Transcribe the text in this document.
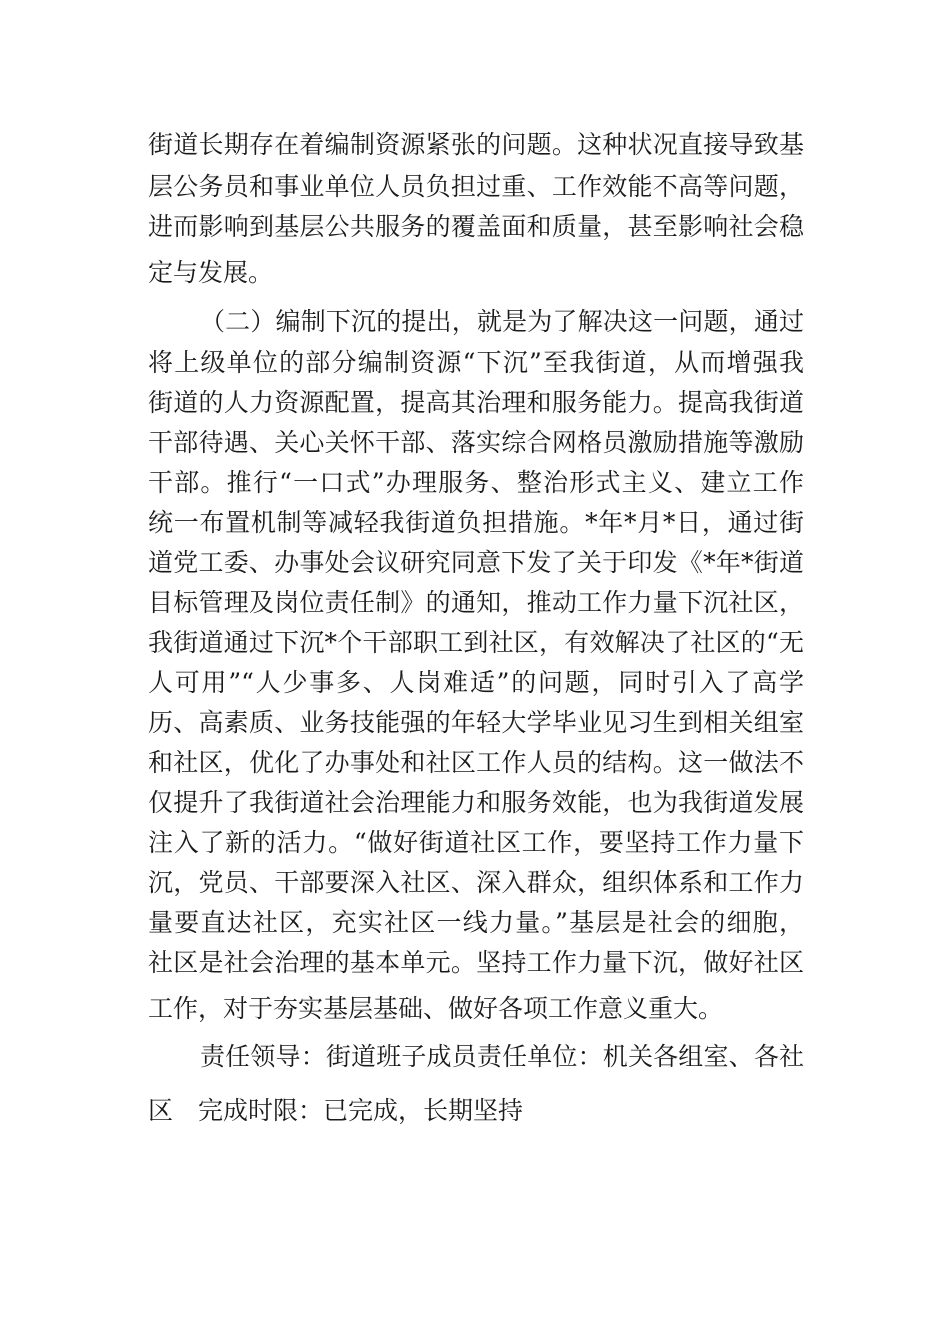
街道长期存在着编制资源紧张的问题。这种状况直接导致基
层公务员和事业单位人员负担过重、工作效能不高等问题，
进而影响到基层公共服务的覆盖面和质量，甚至影响社会稳
定与发展。
（二）编制下沉的提出，就是为了解决这一问题，通过
将上级单位的部分编制资源“下沉”至我街道，从而增强我
街道的人力资源配置，提高其治理和服务能力。提高我街道
干部待遇、关心关怀干部、落实综合网格员激励措施等激励
干部。推行“一口式”办理服务、整治形式主义、建立工作
统一布置机制等减轻我街道负担措施。*年*月*日，通过街
道党工委、办事处会议研究同意下发了关于印发《*年*街道
目标管理及岗位责任制》的通知，推动工作力量下沉社区，
我街道通过下沉*个干部职工到社区，有效解决了社区的“无
人可用”“人少事多、人岗难适”的问题，同时引入了高学
历、高素质、业务技能强的年轻大学毕业见习生到相关组室
和社区，优化了办事处和社区工作人员的结构。这一做法不
仅提升了我街道社会治理能力和服务效能，也为我街道发展
注入了新的活力。“做好街道社区工作，要坚持工作力量下
沉，党员、干部要深入社区、深入群众，组织体系和工作力
量要直达社区，充实社区一线力量。”基层是社会的细胞，
社区是社会治理的基本单元。坚持工作力量下沉，做好社区
工作，对于夯实基层基础、做好各项工作意义重大。
责任领导：街道班子成员责任单位：机关各组室、各社
区　完成时限：已完成，长期坚持
